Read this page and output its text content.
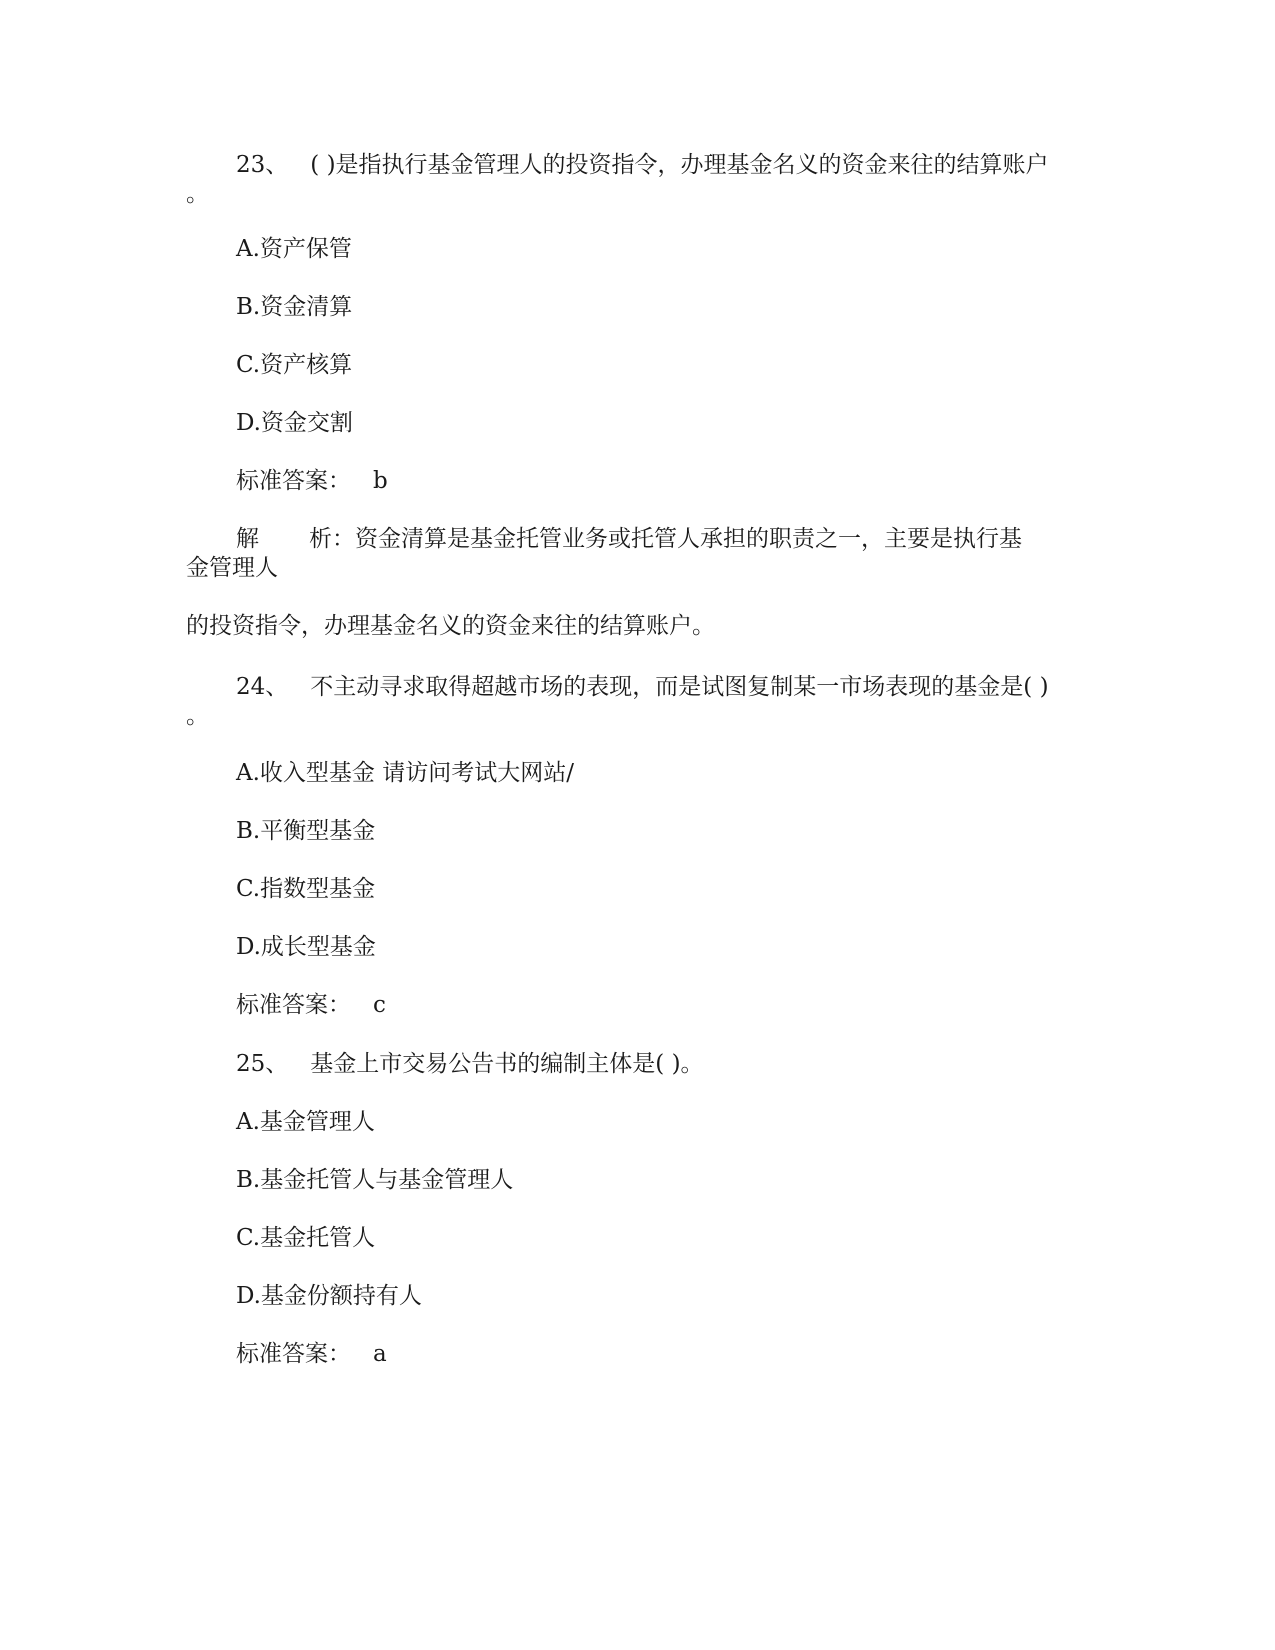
23、 ( )是指执行基金管理人的投资指令，办理基金名义的资金来往的结算账户
。
A.资产保管
B.资金清算
C.资产核算
D.资金交割
标准答案： b
解 析：资金清算是基金托管业务或托管人承担的职责之一，主要是执行基
金管理人
的投资指令，办理基金名义的资金来往的结算账户。
24、 不主动寻求取得超越市场的表现，而是试图复制某一市场表现的基金是( )
。
A.收入型基金 请访问考试大网站/
B.平衡型基金
C.指数型基金
D.成长型基金
标准答案： c
25、 基金上市交易公告书的编制主体是( )。
A.基金管理人
B.基金托管人与基金管理人
C.基金托管人
D.基金份额持有人
标准答案： a
